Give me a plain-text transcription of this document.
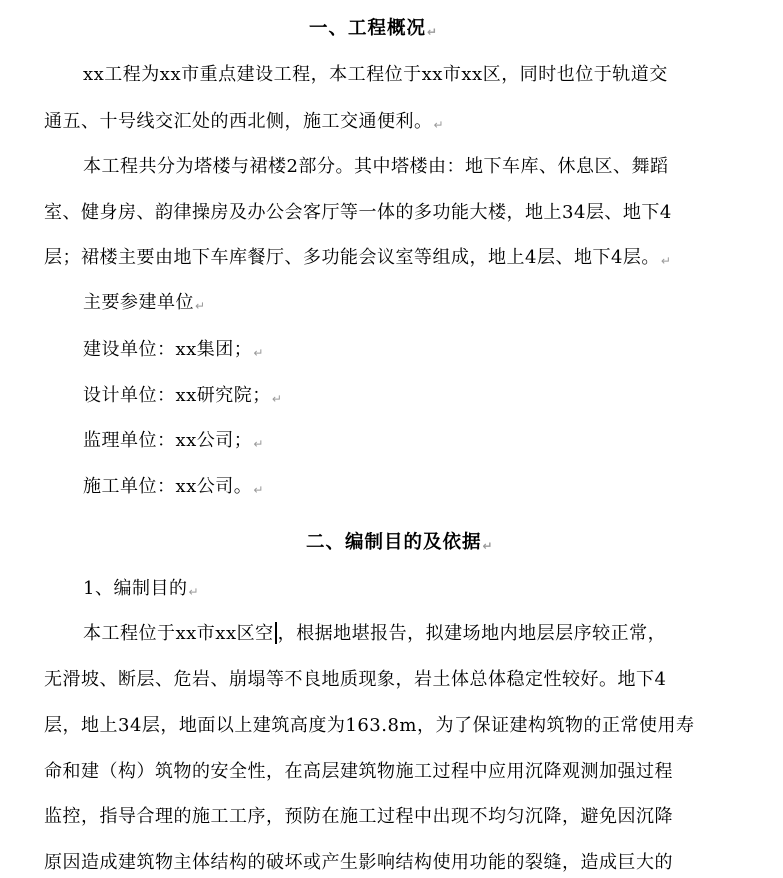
一、工程概况↵
xx工程为xx市重点建设工程，本工程位于xx市xx区，同时也位于轨道交
通五、十号线交汇处的西北侧，施工交通便利。↵
本工程共分为塔楼与裙楼2部分。其中塔楼由：地下车库、休息区、舞蹈
室、健身房、韵律操房及办公会客厅等一体的多功能大楼，地上34层、地下4
层；裙楼主要由地下车库餐厅、多功能会议室等组成，地上4层、地下4层。↵
主要参建单位↵
建设单位：xx集团；↵
设计单位：xx研究院；↵
监理单位：xx公司；↵
施工单位：xx公司。↵
二、编制目的及依据↵
1、编制目的↵
本工程位于xx市xx区空 ，根据地堪报告，拟建场地内地层层序较正常，
无滑坡、断层、危岩、崩塌等不良地质现象，岩土体总体稳定性较好。地下4
层，地上34层，地面以上建筑高度为163.8m，为了保证建构筑物的正常使用寿
命和建（构）筑物的安全性，在高层建筑物施工过程中应用沉降观测加强过程
监控，指导合理的施工工序，预防在施工过程中出现不均匀沉降，避免因沉降
原因造成建筑物主体结构的破坏或产生影响结构使用功能的裂缝，造成巨大的
